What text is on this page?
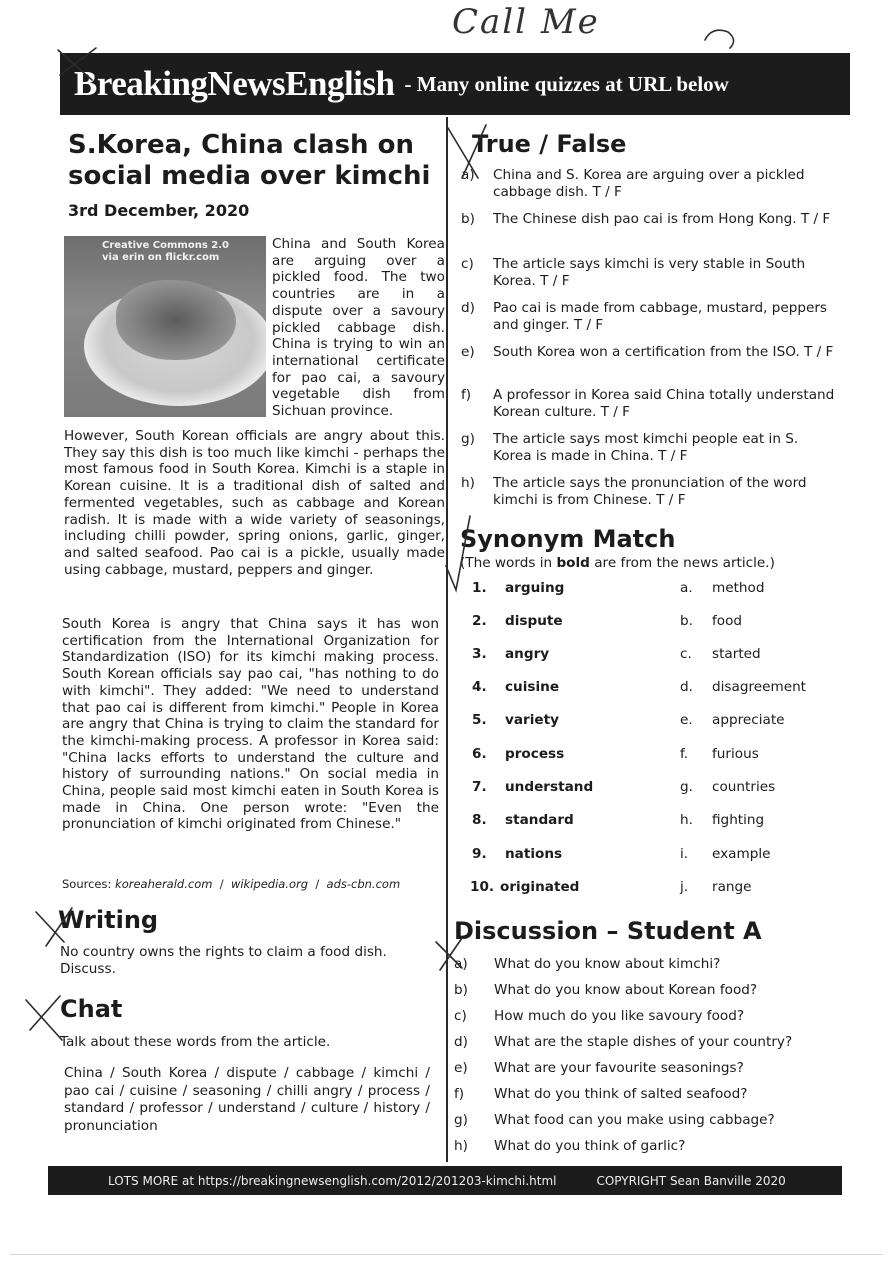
Call Me
BreakingNewsEnglish - Many online quizzes at URL below
S.Korea, China clash on social media over kimchi
3rd December, 2020
Creative Commons 2.0
via erin on flickr.com
China and South Korea are arguing over a pickled food. The two countries are in a dispute over a savoury pickled cabbage dish. China is trying to win an international certificate for pao cai, a savoury vegetable dish from Sichuan province.
However, South Korean officials are angry about this. They say this dish is too much like kimchi - perhaps the most famous food in South Korea. Kimchi is a staple in Korean cuisine. It is a traditional dish of salted and fermented vegetables, such as cabbage and Korean radish. It is made with a wide variety of seasonings, including chilli powder, spring onions, garlic, ginger, and salted seafood. Pao cai is a pickle, usually made using cabbage, mustard, peppers and ginger.
South Korea is angry that China says it has won certification from the International Organization for Standardization (ISO) for its kimchi making process. South Korean officials say pao cai, "has nothing to do with kimchi". They added: "We need to understand that pao cai is different from kimchi." People in Korea are angry that China is trying to claim the standard for the kimchi-making process. A professor in Korea said: "China lacks efforts to understand the culture and history of surrounding nations." On social media in China, people said most kimchi eaten in South Korea is made in China. One person wrote: "Even the pronunciation of kimchi originated from Chinese."
Sources: koreaherald.com / wikipedia.org / ads-cbn.com
Writing
No country owns the rights to claim a food dish. Discuss.
Chat
Talk about these words from the article.
China / South Korea / dispute / cabbage / kimchi / pao cai / cuisine / seasoning / chilli angry / process / standard / professor / understand / culture / history / pronunciation
True / False
a) China and S. Korea are arguing over a pickled cabbage dish. T / F
b) The Chinese dish pao cai is from Hong Kong. T / F
c) The article says kimchi is very stable in South Korea. T / F
d) Pao cai is made from cabbage, mustard, peppers and ginger. T / F
e) South Korea won a certification from the ISO. T / F
f) A professor in Korea said China totally understand Korean culture. T / F
g) The article says most kimchi people eat in S. Korea is made in China. T / F
h) The article says the pronunciation of the word kimchi is from Chinese. T / F
Synonym Match
(The words in bold are from the news article.)
1. arguing	a. method
2. dispute	b. food
3. angry	c. started
4. cuisine	d. disagreement
5. variety	e. appreciate
6. process	f. furious
7. understand	g. countries
8. standard	h. fighting
9. nations	i. example
10. originated	j. range
Discussion – Student A
a) What do you know about kimchi?
b) What do you know about Korean food?
c) How much do you like savoury food?
d) What are the staple dishes of your country?
e) What are your favourite seasonings?
f) What do you think of salted seafood?
g) What food can you make using cabbage?
h) What do you think of garlic?
LOTS MORE at https://breakingnewsenglish.com/2012/201203-kimchi.html	COPYRIGHT Sean Banville 2020
